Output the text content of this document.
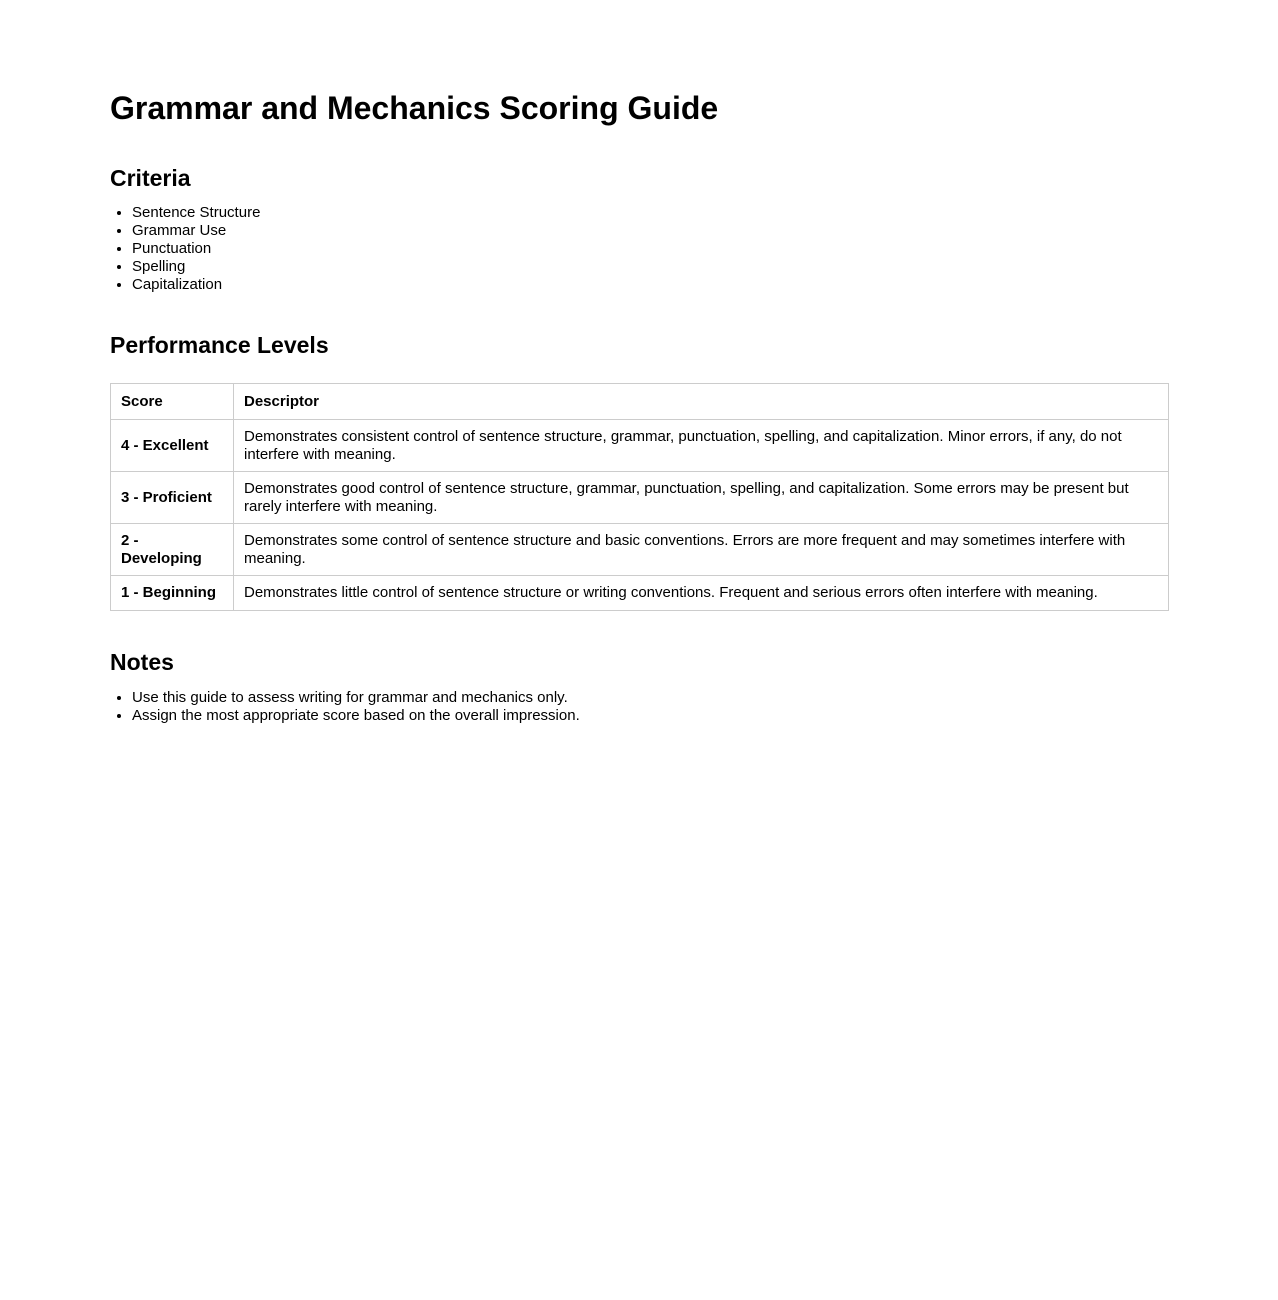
Grammar and Mechanics Scoring Guide
Criteria
• Sentence Structure
• Grammar Use
• Punctuation
• Spelling
• Capitalization
Performance Levels
Score	Descriptor
4 - Excellent	Demonstrates consistent control of sentence structure, grammar, punctuation, spelling, and capitalization. Minor errors, if any, do not interfere with meaning.
3 - Proficient	Demonstrates good control of sentence structure, grammar, punctuation, spelling, and capitalization. Some errors may be present but rarely interfere with meaning.
2 - Developing	Demonstrates some control of sentence structure and basic conventions. Errors are more frequent and may sometimes interfere with meaning.
1 - Beginning	Demonstrates little control of sentence structure or writing conventions. Frequent and serious errors often interfere with meaning.
Notes
• Use this guide to assess writing for grammar and mechanics only.
• Assign the most appropriate score based on the overall impression.
